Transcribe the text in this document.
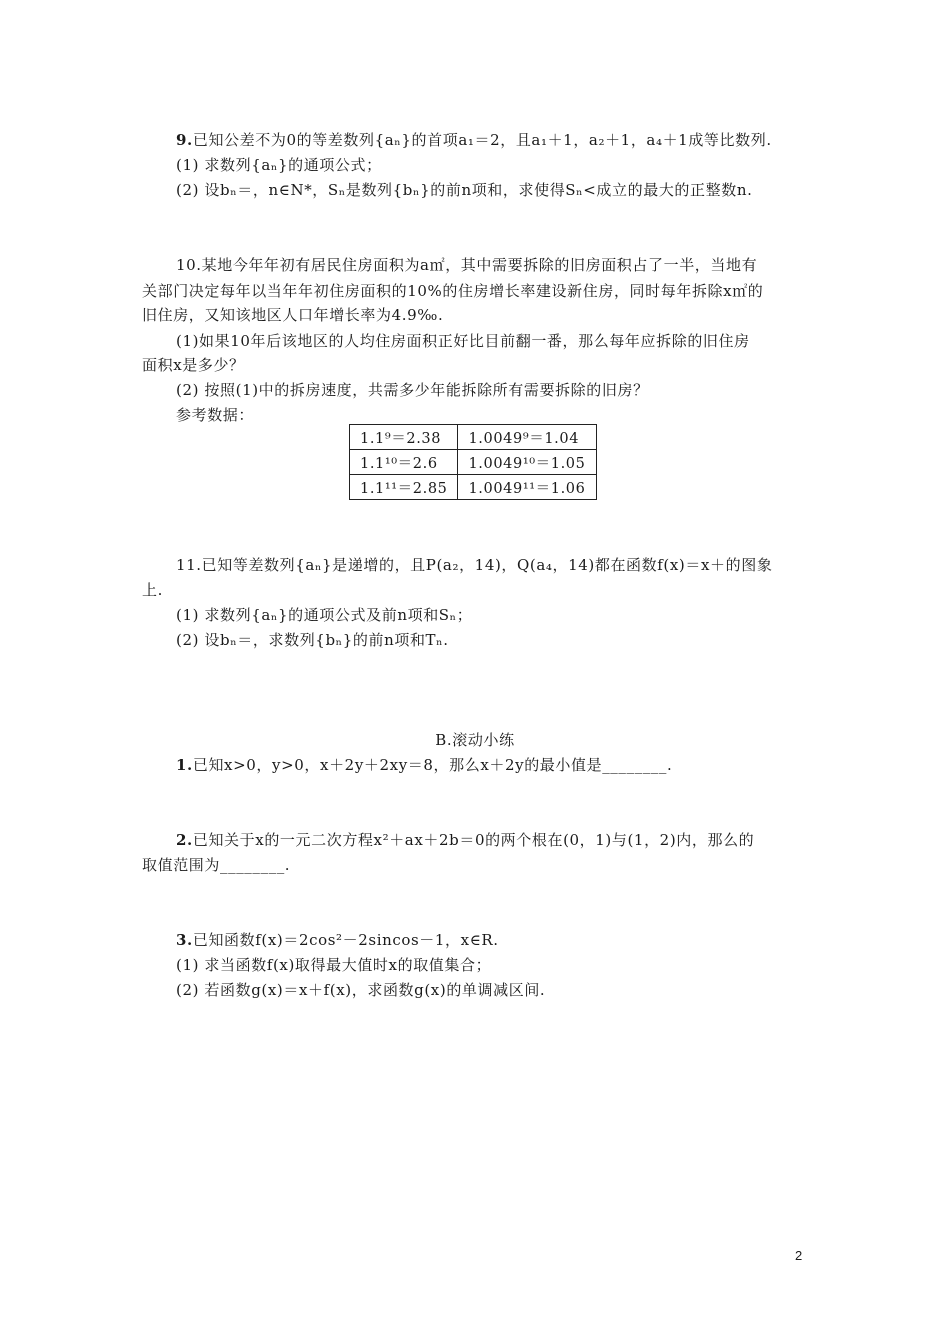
9.已知公差不为0的等差数列{aₙ}的首项a₁＝2，且a₁＋1，a₂＋1，a₄＋1成等比数列.
(1) 求数列{aₙ}的通项公式；
(2) 设bₙ＝，n∈N*，Sₙ是数列{bₙ}的前n项和，求使得Sₙ<成立的最大的正整数n.
10.某地今年年初有居民住房面积为a㎡，其中需要拆除的旧房面积占了一半，当地有
关部门决定每年以当年年初住房面积的10%的住房增长率建设新住房，同时每年拆除x㎡的
旧住房，又知该地区人口年增长率为4.9‰.
(1)如果10年后该地区的人均住房面积正好比目前翻一番，那么每年应拆除的旧住房
面积x是多少？
(2) 按照(1)中的拆房速度，共需多少年能拆除所有需要拆除的旧房？
参考数据：
1.1⁹＝2.38	1.0049⁹＝1.04
1.1¹⁰＝2.6	1.0049¹⁰＝1.05
1.1¹¹＝2.85	1.0049¹¹＝1.06
11.已知等差数列{aₙ}是递增的，且P(a₂，14)，Q(a₄，14)都在函数f(x)＝x＋的图象
上.
(1) 求数列{aₙ}的通项公式及前n项和Sₙ；
(2) 设bₙ＝，求数列{bₙ}的前n项和Tₙ.
B.滚动小练
1.已知x>0，y>0，x＋2y＋2xy＝8，那么x＋2y的最小值是________.
2.已知关于x的一元二次方程x²＋ax＋2b＝0的两个根在(0，1)与(1，2)内，那么的
取值范围为________.
3.已知函数f(x)＝2cos²－2sincos－1，x∈R.
(1) 求当函数f(x)取得最大值时x的取值集合；
(2) 若函数g(x)＝x＋f(x)，求函数g(x)的单调减区间.
2
